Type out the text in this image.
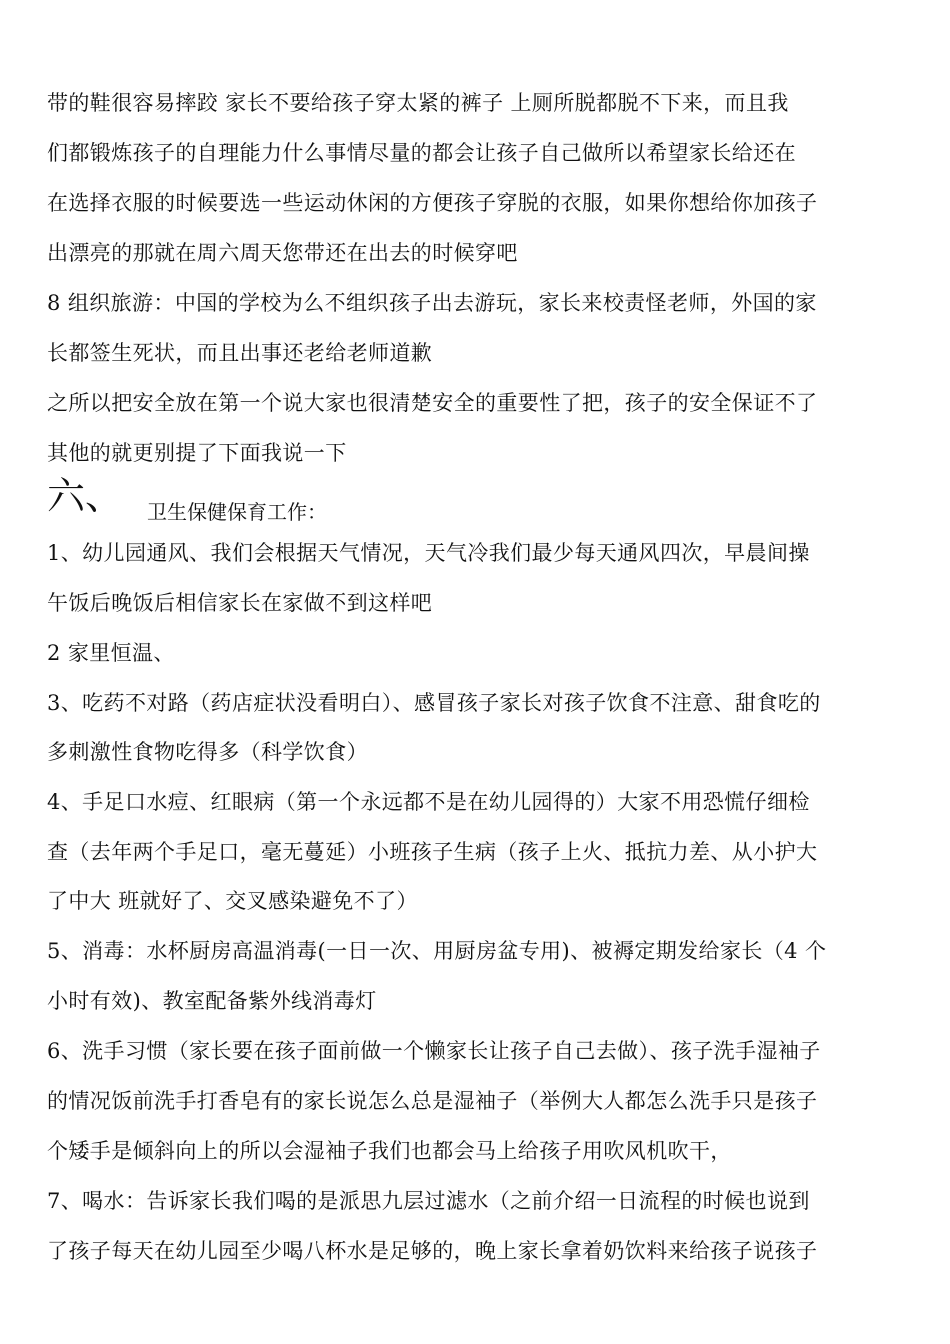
带的鞋很容易摔跤 家长不要给孩子穿太紧的裤子 上厕所脱都脱不下来，而且我
们都锻炼孩子的自理能力什么事情尽量的都会让孩子自己做所以希望家长给还在
在选择衣服的时候要选一些运动休闲的方便孩子穿脱的衣服，如果你想给你加孩子
出漂亮的那就在周六周天您带还在出去的时候穿吧
8 组织旅游：中国的学校为么不组织孩子出去游玩，家长来校责怪老师，外国的家
长都签生死状，而且出事还老给老师道歉
之所以把安全放在第一个说大家也很清楚安全的重要性了把，孩子的安全保证不了
其他的就更别提了下面我说一下
六、 卫生保健保育工作：
1、幼儿园通风、我们会根据天气情况，天气冷我们最少每天通风四次，早晨间操
午饭后晚饭后相信家长在家做不到这样吧
2 家里恒温、
3、吃药不对路（药店症状没看明白）、感冒孩子家长对孩子饮食不注意、甜食吃的
多刺激性食物吃得多（科学饮食）
4、手足口水痘、红眼病（第一个永远都不是在幼儿园得的）大家不用恐慌仔细检
查（去年两个手足口，毫无蔓延）小班孩子生病（孩子上火、抵抗力差、从小护大
了中大 班就好了、交叉感染避免不了）
5、消毒：水杯厨房高温消毒(一日一次、用厨房盆专用)、被褥定期发给家长（4 个
小时有效)、教室配备紫外线消毒灯
6、洗手习惯（家长要在孩子面前做一个懒家长让孩子自己去做）、孩子洗手湿袖子
的情况饭前洗手打香皂有的家长说怎么总是湿袖子（举例大人都怎么洗手只是孩子
个矮手是倾斜向上的所以会湿袖子我们也都会马上给孩子用吹风机吹干，
7、喝水：告诉家长我们喝的是派思九层过滤水（之前介绍一日流程的时候也说到
了孩子每天在幼儿园至少喝八杯水是足够的，晚上家长拿着奶饮料来给孩子说孩子
